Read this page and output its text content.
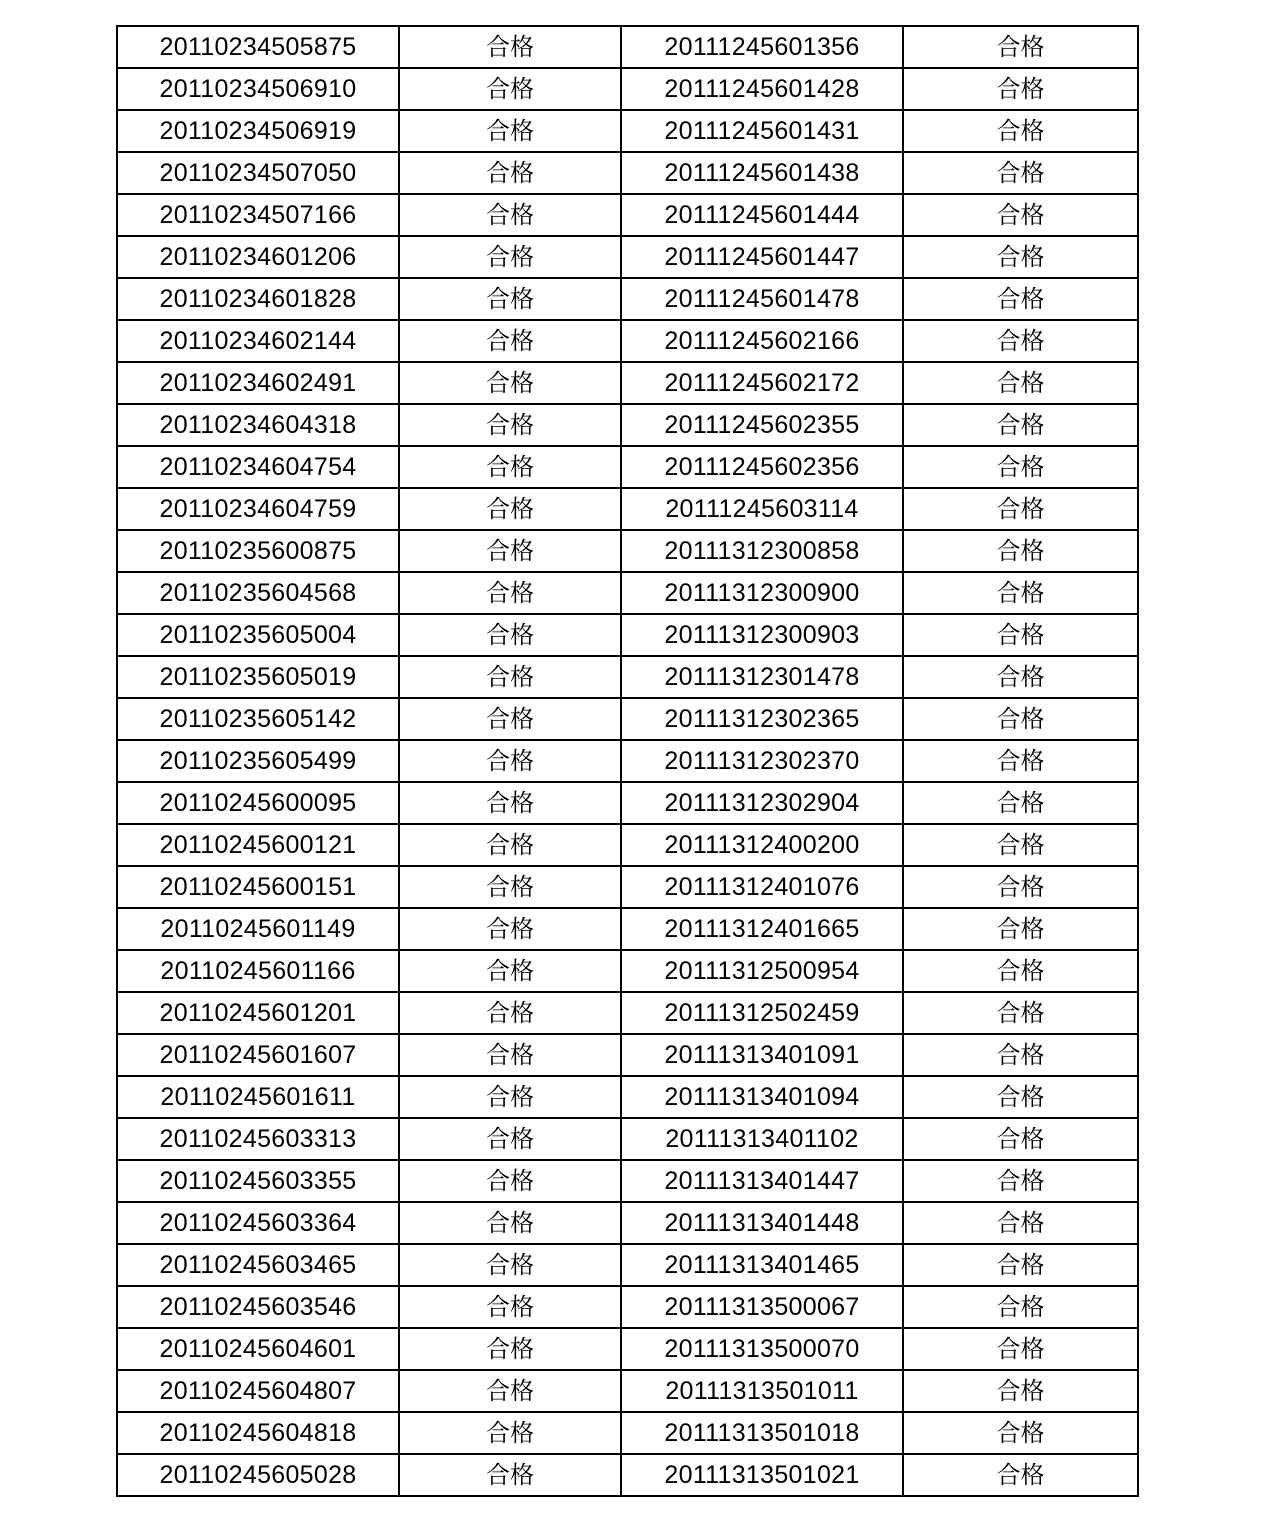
20110234505875	合格	20111245601356	合格
20110234506910	合格	20111245601428	合格
20110234506919	合格	20111245601431	合格
20110234507050	合格	20111245601438	合格
20110234507166	合格	20111245601444	合格
20110234601206	合格	20111245601447	合格
20110234601828	合格	20111245601478	合格
20110234602144	合格	20111245602166	合格
20110234602491	合格	20111245602172	合格
20110234604318	合格	20111245602355	合格
20110234604754	合格	20111245602356	合格
20110234604759	合格	20111245603114	合格
20110235600875	合格	20111312300858	合格
20110235604568	合格	20111312300900	合格
20110235605004	合格	20111312300903	合格
20110235605019	合格	20111312301478	合格
20110235605142	合格	20111312302365	合格
20110235605499	合格	20111312302370	合格
20110245600095	合格	20111312302904	合格
20110245600121	合格	20111312400200	合格
20110245600151	合格	20111312401076	合格
20110245601149	合格	20111312401665	合格
20110245601166	合格	20111312500954	合格
20110245601201	合格	20111312502459	合格
20110245601607	合格	20111313401091	合格
20110245601611	合格	20111313401094	合格
20110245603313	合格	20111313401102	合格
20110245603355	合格	20111313401447	合格
20110245603364	合格	20111313401448	合格
20110245603465	合格	20111313401465	合格
20110245603546	合格	20111313500067	合格
20110245604601	合格	20111313500070	合格
20110245604807	合格	20111313501011	合格
20110245604818	合格	20111313501018	合格
20110245605028	合格	20111313501021	合格
